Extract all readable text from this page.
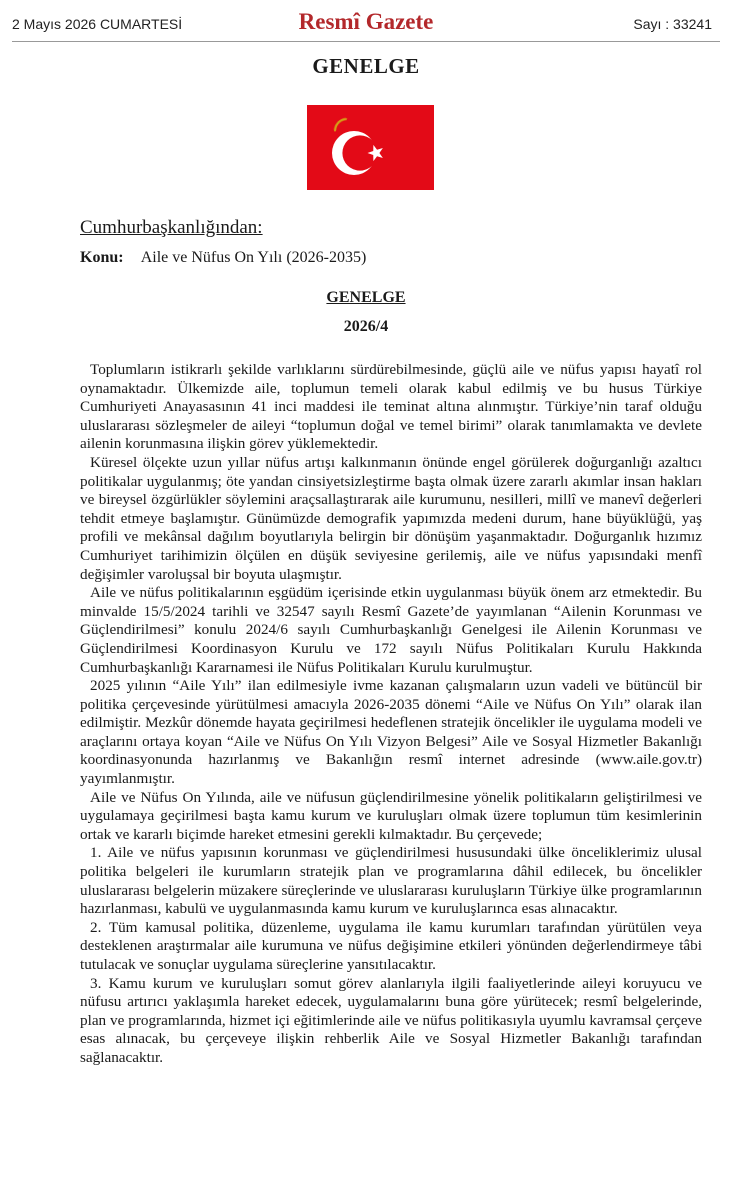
2 Mayıs 2026 CUMARTESİ	Resmî Gazete	Sayı : 33241
GENELGE
Cumhurbaşkanlığından:
Konu: Aile ve Nüfus On Yılı (2026-2035)
GENELGE
2026/4

Toplumların istikrarlı şekilde varlıklarını sürdürebilmesinde, güçlü aile ve nüfus yapısı hayatî rol oynamaktadır. Ülkemizde aile, toplumun temeli olarak kabul edilmiş ve bu husus Türkiye Cumhuriyeti Anayasasının 41 inci maddesi ile teminat altına alınmıştır. Türkiye’nin taraf olduğu uluslararası sözleşmeler de aileyi “toplumun doğal ve temel birimi” olarak tanımlamakta ve devlete ailenin korunmasına ilişkin görev yüklemektedir.

Küresel ölçekte uzun yıllar nüfus artışı kalkınmanın önünde engel görülerek doğurganlığı azaltıcı politikalar uygulanmış; öte yandan cinsiyetsizleştirme başta olmak üzere zararlı akımlar insan hakları ve bireysel özgürlükler söylemini araçsallaştırarak aile kurumunu, nesilleri, millî ve manevî değerleri tehdit etmeye başlamıştır. Günümüzde demografik yapımızda medeni durum, hane büyüklüğü, yaş profili ve mekânsal dağılım boyutlarıyla belirgin bir dönüşüm yaşanmaktadır. Doğurganlık hızımız Cumhuriyet tarihimizin ölçülen en düşük seviyesine gerilemiş, aile ve nüfus yapısındaki menfî değişimler varoluşsal bir boyuta ulaşmıştır.

Aile ve nüfus politikalarının eşgüdüm içerisinde etkin uygulanması büyük önem arz etmektedir. Bu minvalde 15/5/2024 tarihli ve 32547 sayılı Resmî Gazete’de yayımlanan “Ailenin Korunması ve Güçlendirilmesi” konulu 2024/6 sayılı Cumhurbaşkanlığı Genelgesi ile Ailenin Korunması ve Güçlendirilmesi Koordinasyon Kurulu ve 172 sayılı Nüfus Politikaları Kurulu Hakkında Cumhurbaşkanlığı Kararnamesi ile Nüfus Politikaları Kurulu kurulmuştur.

2025 yılının “Aile Yılı” ilan edilmesiyle ivme kazanan çalışmaların uzun vadeli ve bütüncül bir politika çerçevesinde yürütülmesi amacıyla 2026-2035 dönemi “Aile ve Nüfus On Yılı” olarak ilan edilmiştir. Mezkûr dönemde hayata geçirilmesi hedeflenen stratejik öncelikler ile uygulama modeli ve araçlarını ortaya koyan “Aile ve Nüfus On Yılı Vizyon Belgesi” Aile ve Sosyal Hizmetler Bakanlığı koordinasyonunda hazırlanmış ve Bakanlığın resmî internet adresinde (www.aile.gov.tr) yayımlanmıştır.

Aile ve Nüfus On Yılında, aile ve nüfusun güçlendirilmesine yönelik politikaların geliştirilmesi ve uygulamaya geçirilmesi başta kamu kurum ve kuruluşları olmak üzere toplumun tüm kesimlerinin ortak ve kararlı biçimde hareket etmesini gerekli kılmaktadır. Bu çerçevede;

1. Aile ve nüfus yapısının korunması ve güçlendirilmesi hususundaki ülke önceliklerimiz ulusal politika belgeleri ile kurumların stratejik plan ve programlarına dâhil edilecek, bu öncelikler uluslararası belgelerin müzakere süreçlerinde ve uluslararası kuruluşların Türkiye ülke programlarının hazırlanması, kabulü ve uygulanmasında kamu kurum ve kuruluşlarınca esas alınacaktır.

2. Tüm kamusal politika, düzenleme, uygulama ile kamu kurumları tarafından yürütülen veya desteklenen araştırmalar aile kurumuna ve nüfus değişimine etkileri yönünden değerlendirmeye tâbi tutulacak ve sonuçlar uygulama süreçlerine yansıtılacaktır.

3. Kamu kurum ve kuruluşları somut görev alanlarıyla ilgili faaliyetlerinde aileyi koruyucu ve nüfusu artırıcı yaklaşımla hareket edecek, uygulamalarını buna göre yürütecek; resmî belgelerinde, plan ve programlarında, hizmet içi eğitimlerinde aile ve nüfus politikasıyla uyumlu kavramsal çerçeve esas alınacak, bu çerçeveye ilişkin rehberlik Aile ve Sosyal Hizmetler Bakanlığı tarafından sağlanacaktır.
